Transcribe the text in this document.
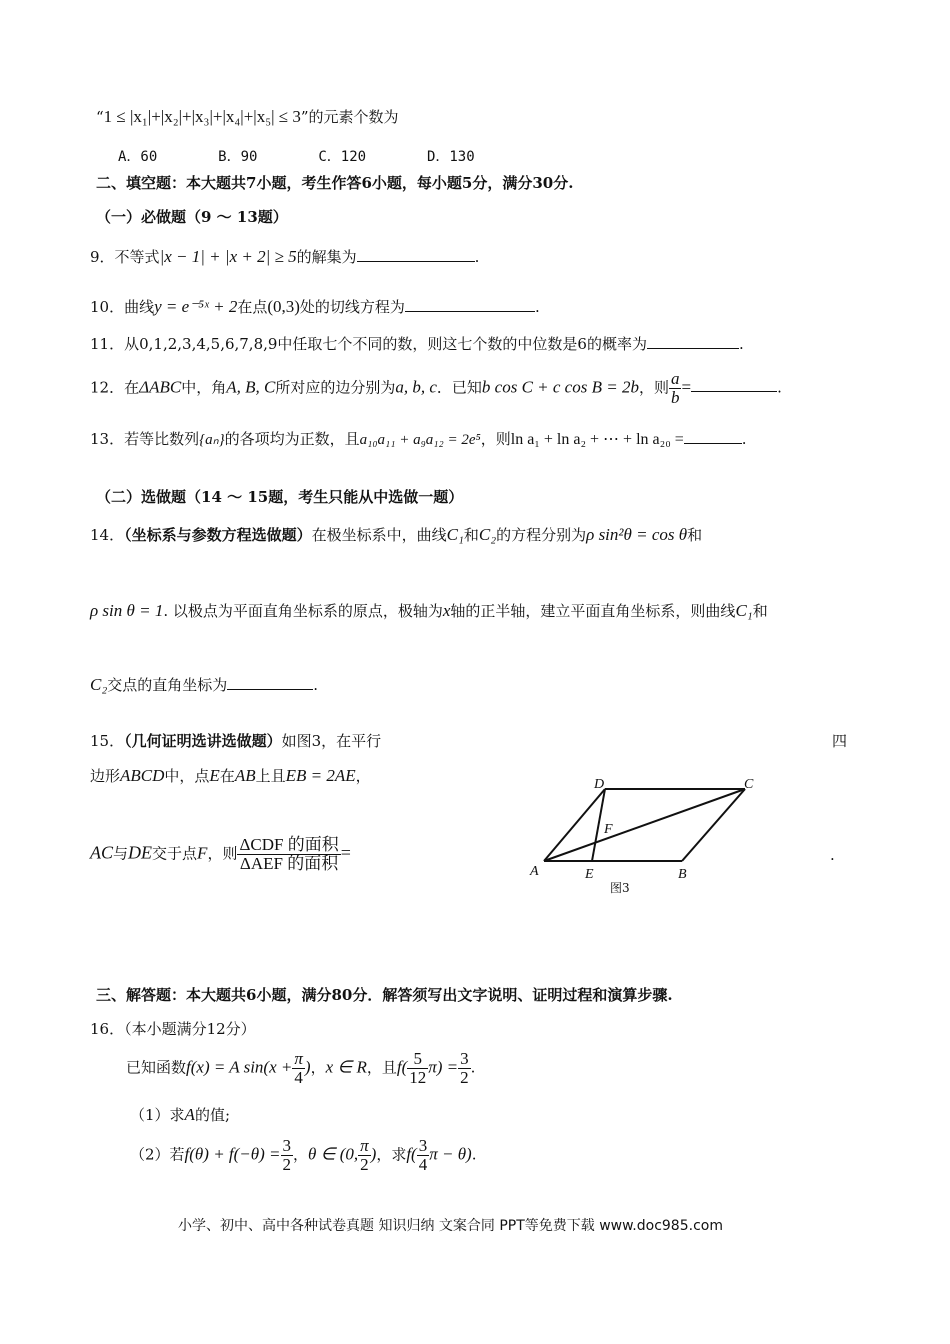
“1 ≤ |x₁|+|x₂|+|x₃|+|x₄|+|x₅| ≤ 3”的元素个数为
A．60	B．90	C．120	D．130
二、填空题：本大题共7小题，考生作答6小题，每小题5分，满分30分.
（一）必做题（9 ～ 13题）
9．不等式|x − 1| + |x + 2| ≥ 5的解集为	.
10．曲线y = e⁻⁵ˣ + 2在点(0,3)处的切线方程为	.
11．从0,1,2,3,4,5,6,7,8,9中任取七个不同的数，则这七个数的中位数是6的概率为	.
12．在ΔABC中，角A, B, C所对应的边分别为a, b, c．已知b cos C + c cos B = 2b，则 $\frac{a}{b}$ =	.
13．若等比数列{aₙ}的各项均为正数，且a₁₀a₁₁ + a₉a₁₂ = 2e⁵，则ln a₁ + ln a₂ + ⋯ + ln a₂₀ =	.
（二）选做题（14 ～ 15题，考生只能从中选做一题）
14．（坐标系与参数方程选做题）在极坐标系中，曲线C₁和C₂的方程分别为ρ sin²θ = cos θ和
ρ sin θ = 1. 以极点为平面直角坐标系的原点，极轴为x轴的正半轴，建立平面直角坐标系，则曲线C₁和
C₂交点的直角坐标为	.
15．（几何证明选讲选做题）如图3，在平行	四
边形ABCD中，点E在AB上且EB = 2AE，
AC与DE交于点F，则 $\frac{\text{ΔCDF 的面积}}{\text{ΔAEF 的面积}}$ =	.
A	E	B
C
D
F
图3
三、解答题：本大题共6小题，满分80分．解答须写出文字说明、证明过程和演算步骤.
16．（本小题满分12分）
已知函数f(x) = A $\sin(x + \frac{\pi}{4}$ )，x ∈ R，且$f( \frac{5}{12} \pi) = \frac{3}{2}$ .
（1）求A的值;
（2）若$f(\theta) + f(-\theta) = \frac{3}{2}$ ，θ ∈ (0, $\frac{\pi}{2}$ )，求$f( \frac{3}{4}$ π − θ).
小学、初中、高中各种试卷真题 知识归纳 文案合同 PPT等免费下载 www.doc985.com
